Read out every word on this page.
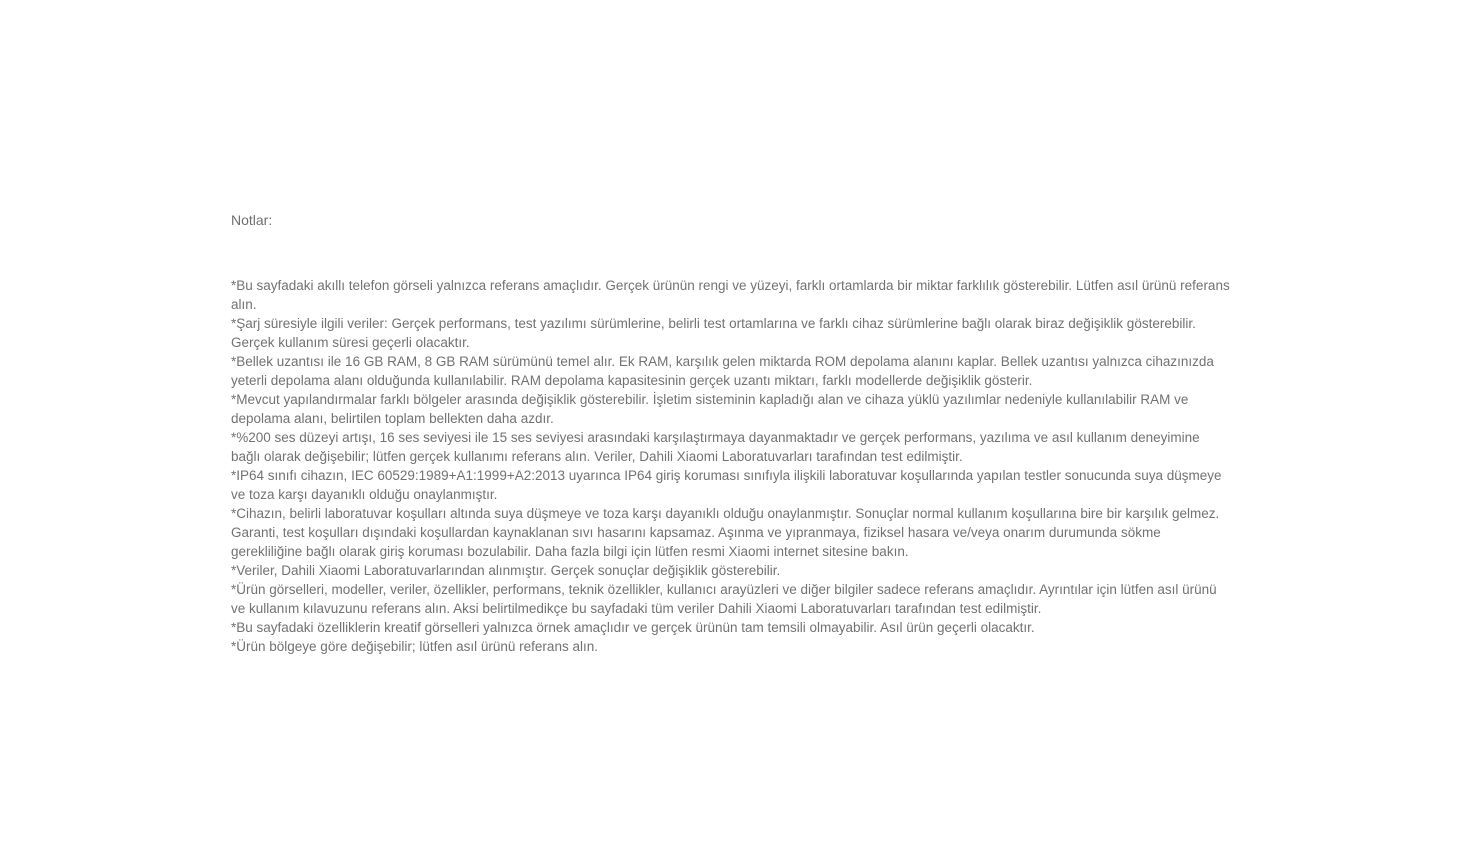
Notlar:

*Bu sayfadaki akıllı telefon görseli yalnızca referans amaçlıdır. Gerçek ürünün rengi ve yüzeyi, farklı ortamlarda bir miktar farklılık gösterebilir. Lütfen asıl ürünü referans alın.
*Şarj süresiyle ilgili veriler: Gerçek performans, test yazılımı sürümlerine, belirli test ortamlarına ve farklı cihaz sürümlerine bağlı olarak biraz değişiklik gösterebilir. Gerçek kullanım süresi geçerli olacaktır.
*Bellek uzantısı ile 16 GB RAM, 8 GB RAM sürümünü temel alır. Ek RAM, karşılık gelen miktarda ROM depolama alanını kaplar. Bellek uzantısı yalnızca cihazınızda yeterli depolama alanı olduğunda kullanılabilir. RAM depolama kapasitesinin gerçek uzantı miktarı, farklı modellerde değişiklik gösterir.
*Mevcut yapılandırmalar farklı bölgeler arasında değişiklik gösterebilir. İşletim sisteminin kapladığı alan ve cihaza yüklü yazılımlar nedeniyle kullanılabilir RAM ve depolama alanı, belirtilen toplam bellekten daha azdır.
*%200 ses düzeyi artışı, 16 ses seviyesi ile 15 ses seviyesi arasındaki karşılaştırmaya dayanmaktadır ve gerçek performans, yazılıma ve asıl kullanım deneyimine bağlı olarak değişebilir; lütfen gerçek kullanımı referans alın. Veriler, Dahili Xiaomi Laboratuvarları tarafından test edilmiştir.
*IP64 sınıfı cihazın, IEC 60529:1989+A1:1999+A2:2013 uyarınca IP64 giriş koruması sınıfıyla ilişkili laboratuvar koşullarında yapılan testler sonucunda suya düşmeye ve toza karşı dayanıklı olduğu onaylanmıştır.
*Cihazın, belirli laboratuvar koşulları altında suya düşmeye ve toza karşı dayanıklı olduğu onaylanmıştır. Sonuçlar normal kullanım koşullarına bire bir karşılık gelmez. Garanti, test koşulları dışındaki koşullardan kaynaklanan sıvı hasarını kapsamaz. Aşınma ve yıpranmaya, fiziksel hasara ve/veya onarım durumunda sökme gerekliliğine bağlı olarak giriş koruması bozulabilir. Daha fazla bilgi için lütfen resmi Xiaomi internet sitesine bakın.
*Veriler, Dahili Xiaomi Laboratuvarlarından alınmıştır. Gerçek sonuçlar değişiklik gösterebilir.
*Ürün görselleri, modeller, veriler, özellikler, performans, teknik özellikler, kullanıcı arayüzleri ve diğer bilgiler sadece referans amaçlıdır. Ayrıntılar için lütfen asıl ürünü ve kullanım kılavuzunu referans alın. Aksi belirtilmedikçe bu sayfadaki tüm veriler Dahili Xiaomi Laboratuvarları tarafından test edilmiştir.
*Bu sayfadaki özelliklerin kreatif görselleri yalnızca örnek amaçlıdır ve gerçek ürünün tam temsili olmayabilir. Asıl ürün geçerli olacaktır.
*Ürün bölgeye göre değişebilir; lütfen asıl ürünü referans alın.
